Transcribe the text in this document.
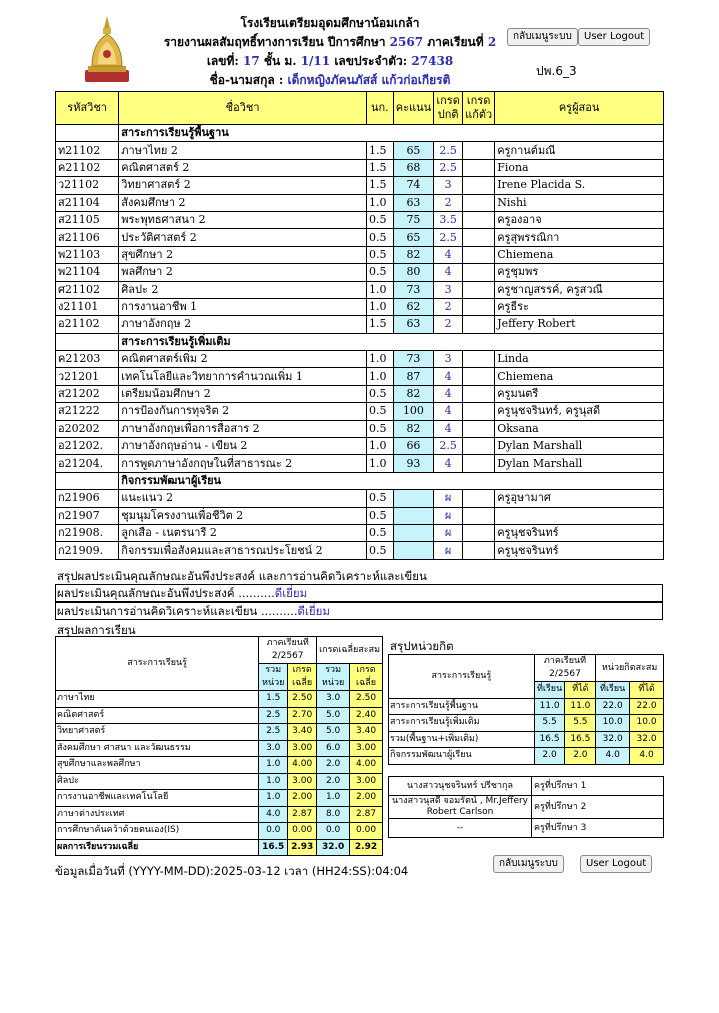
โรงเรียนเตรียมอุดมศึกษาน้อมเกล้า
รายงานผลสัมฤทธิ์ทางการเรียน ปีการศึกษา 2567 ภาคเรียนที่ 2
เลขที่: 17 ชั้น ม. 1/11 เลขประจำตัว: 27438
ชื่อ-นามสกุล : เด็กหญิงภัคนภัสส์ แก้วก่อเกียรติ
กลับเมนูระบบ	User Logout
ปพ.6_3
รหัสวิชา	ชื่อวิชา	นก.	คะแนน	เกรด ปกติ	เกรด แก้ตัว	ครูผู้สอน
	สาระการเรียนรู้พื้นฐาน					
ท21102	ภาษาไทย 2	1.5	65	2.5		ครูกานต์มณี
ค21102	คณิตศาสตร์ 2	1.5	68	2.5		Fiona
ว21102	วิทยาศาสตร์ 2	1.5	74	3		Irene Placida S.
ส21104	สังคมศึกษา 2	1.0	63	2		Nishi
ส21105	พระพุทธศาสนา 2	0.5	75	3.5		ครูองอาจ
ส21106	ประวัติศาสตร์ 2	0.5	65	2.5		ครูสุพรรณิกา
พ21103	สุขศึกษา 2	0.5	82	4		Chiemena
พ21104	พลศึกษา 2	0.5	80	4		ครูชุมพร
ศ21102	ศิลปะ 2	1.0	73	3		ครูชาญสรรค์, ครูสวณี
ง21101	การงานอาชีพ 1	1.0	62	2		ครูธีระ
อ21102	ภาษาอังกฤษ 2	1.5	63	2		Jeffery Robert
	สาระการเรียนรู้เพิ่มเติม					
ค21203	คณิตศาสตร์เพิ่ม 2	1.0	73	3		Linda
ว21201	เทคโนโลยีและวิทยาการคำนวณเพิ่ม 1	1.0	87	4		Chiemena
ส21202	เตรียมน้อมศึกษา 2	0.5	82	4		ครูมนตรี
ส21222	การป้องกันการทุจริต 2	0.5	100	4		ครูนุชจรินทร์, ครูนุสดี
อ20202	ภาษาอังกฤษเพื่อการสื่อสาร 2	0.5	82	4		Oksana
อ21202.	ภาษาอังกฤษอ่าน - เขียน 2	1.0	66	2.5		Dylan Marshall
อ21204.	การพูดภาษาอังกฤษในที่สาธารณะ 2	1.0	93	4		Dylan Marshall
	กิจกรรมพัฒนาผู้เรียน					
ก21906	แนะแนว 2	0.5		ผ		ครูอุษามาศ
ก21907	ชุมนุมโครงงานเพื่อชีวิต 2	0.5		ผ		
ก21908.	ลูกเสือ - เนตรนารี 2	0.5		ผ		ครูนุชจรินทร์
ก21909.	กิจกรรมเพื่อสังคมและสาธารณประโยชน์ 2	0.5		ผ		ครูนุชจรินทร์
สรุปผลประเมินคุณลักษณะอันพึงประสงค์ และการอ่านคิดวิเคราะห์และเขียน
ผลประเมินคุณลักษณะอันพึงประสงค์ ..........ดีเยี่ยม
ผลประเมินการอ่านคิดวิเคราะห์และเขียน ..........ดีเยี่ยม
สรุปผลการเรียน
สาระการเรียนรู้	ภาคเรียนที่ 2/2567		เกรดเฉลี่ยสะสม	
	รวมหน่วย	เกรดเฉลี่ย	รวมหน่วย	เกรดเฉลี่ย
ภาษาไทย	1.5	2.50	3.0	2.50
คณิตศาสตร์	2.5	2.70	5.0	2.40
วิทยาศาสตร์	2.5	3.40	5.0	3.40
สังคมศึกษา ศาสนา และวัฒนธรรม	3.0	3.00	6.0	3.00
สุขศึกษาและพลศึกษา	1.0	4.00	2.0	4.00
ศิลปะ	1.0	3.00	2.0	3.00
การงานอาชีพและเทคโนโลยี	1.0	2.00	1.0	2.00
ภาษาต่างประเทศ	4.0	2.87	8.0	2.87
การศึกษาค้นคว้าด้วยตนเอง(IS)	0.0	0.00	0.0	0.00
ผลการเรียนรวมเฉลี่ย	16.5	2.93	32.0	2.92
สรุปหน่วยกิต
สาระการเรียนรู้	ภาคเรียนที่ 2/2567		หน่วยกิตสะสม	
	ที่เรียน	ที่ได้	ที่เรียน	ที่ได้
สาระการเรียนรู้พื้นฐาน	11.0	11.0	22.0	22.0
สาระการเรียนรู้เพิ่มเติม	5.5	5.5	10.0	10.0
รวม(พื้นฐาน+เพิ่มเติม)	16.5	16.5	32.0	32.0
กิจกรรมพัฒนาผู้เรียน	2.0	2.0	4.0	4.0
นางสาวนุชจรินทร์ ปรีชากุล	ครูที่ปรึกษา 1
นางสาวนุสดี จอมรัตน์ , Mr.Jeffery Robert Carlson	ครูที่ปรึกษา 2
--	ครูที่ปรึกษา 3
ข้อมูลเมื่อวันที่ (YYYY-MM-DD):2025-03-12 เวลา (HH24:SS):04:04
กลับเมนูระบบ	User Logout
